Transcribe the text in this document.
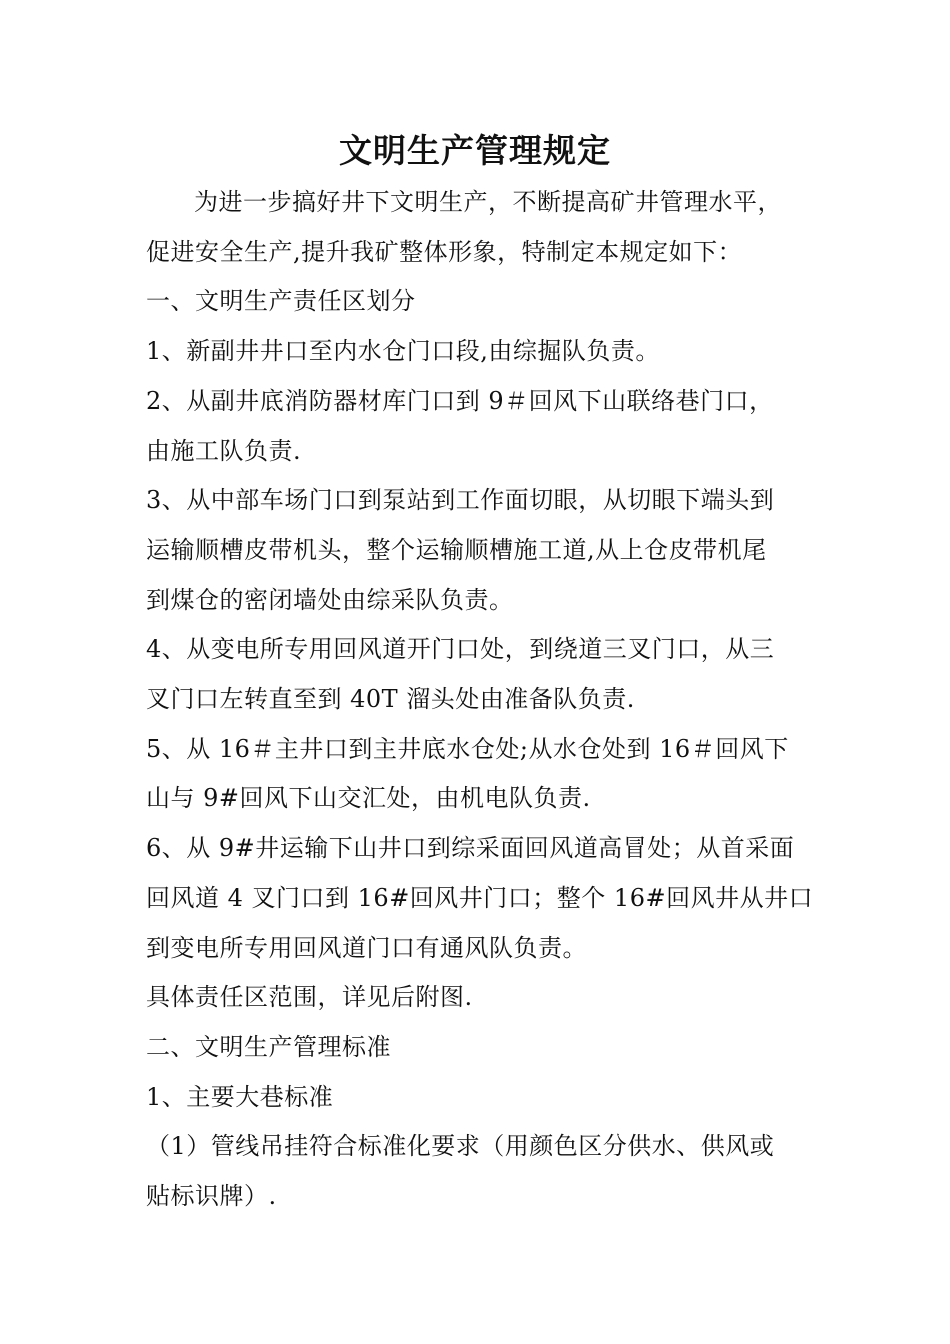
文明生产管理规定

为进一步搞好井下文明生产，不断提高矿井管理水平，

促进安全生产,提升我矿整体形象，特制定本规定如下：

一、文明生产责任区划分

1、新副井井口至内水仓门口段,由综掘队负责。

2、从副井底消防器材库门口到 9＃回风下山联络巷门口，

由施工队负责.

3、从中部车场门口到泵站到工作面切眼，从切眼下端头到

运输顺槽皮带机头，整个运输顺槽施工道,从上仓皮带机尾

到煤仓的密闭墙处由综采队负责。

4、从变电所专用回风道开门口处，到绕道三叉门口，从三

叉门口左转直至到 40T 溜头处由准备队负责.

5、从 16＃主井口到主井底水仓处;从水仓处到 16＃回风下

山与 9#回风下山交汇处，由机电队负责.

6、从 9#井运输下山井口到综采面回风道高冒处；从首采面

回风道 4 叉门口到 16#回风井门口；整个 16#回风井从井口

到变电所专用回风道门口有通风队负责。

具体责任区范围，详见后附图.

二、文明生产管理标准

1、主要大巷标准

（1）管线吊挂符合标准化要求（用颜色区分供水、供风或

贴标识牌）.
